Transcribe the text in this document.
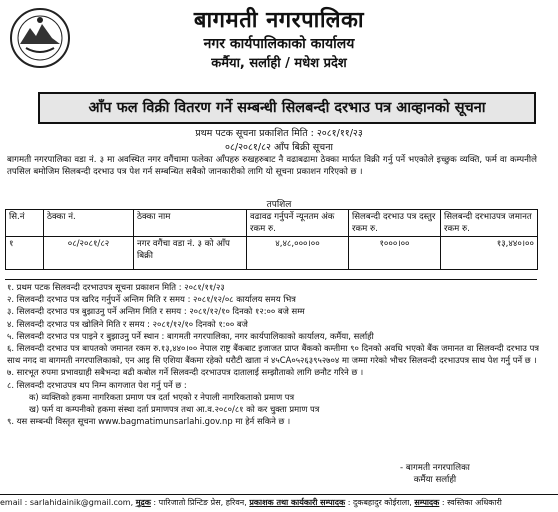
बागमती नगरपालिका
नगर कार्यपालिकाको कार्यालय
कर्मैया, सर्लाही / मधेश प्रदेश
आँप फल विक्री वितरण गर्ने सम्बन्धी सिलबन्दी दरभाउ पत्र आव्हानको सूचना
प्रथम पटक सूचना प्रकाशित मिति : २०८१/११/२३
०८/२०८१/८२ आँप बिक्री सूचना
बागमती नगरपालिका वडा नं. ३ मा अवस्थित नगर वगैंचामा फलेका आँपहरु रुखहरुबाट नै वढाबढामा ठेक्का मार्फत विक्री गर्नु पर्ने भएकोले इच्छुक व्यक्ति, फर्म वा कम्पनीले तपसिल बमोजिम सिलबन्दी दरभाउ पत्र पेश गर्न सम्बन्धित सबैको जानकारीको लागि यो सूचना प्रकाशन गरिएको छ ।
तपशिल
सि.नं	ठेक्का नं.	ठेक्का नाम	वढावढ गर्नुपर्ने न्यूनतम अंक रकम रु.	सिलबन्दी दरभाउ पत्र दस्तुर रकम रु.	सिलबन्दी दरभाउपत्र जमानत रकम रु.
१	०८/२०८१/८२	नगर वगैंचा वडा नं. ३ को आँप बिक्री	४,४८,०००।००	१०००।००	१३,४४०।००
१. प्रथम पटक सिलवन्दी दरभाउपत्र सूचना प्रकाशन मिति : २०८१/११/२३
२. सिलवन्दी दरभाउ पत्र खरिद गर्नुपर्ने अन्तिम मिति र समय : २०८१/१२/०८ कार्यालय समय भित्र
३. सिलवन्दी दरभाउ पत्र बुझाउनु पर्ने अन्तिम मिति र समय : २०८१/१२/१० दिनको १२:०० बजे सम्म
४. सिलवन्दी दरभाउ पत्र खोलिने मिति र समय : २०८१/१२/१० दिनको १:०० बजे
५. सिलवन्दी दरभाउ पत्र पाइने र बुझाउनु पर्ने स्थान : बागमती नगरपालिका, नगर कार्यपालिकाको कार्यालय, कर्मैया, सर्लाही
६. सिलवन्दी दरभाउ पत्र बापतको जमानत रकम रु.१३,४४०।०० नेपाल राष्ट्र बैंकबाट इजाजत प्राप्त बैंकको कम्तीमा ९० दिनको अवधि भएको बैंक जमानत वा सिलवन्दी दरभाउ पत्र साथ नगद वा बागमती नगरपालिकाको, एन आइ सि एशिया बैंकमा रहेको धरौटी खाता नं ४५CA०५२६३९५२७०४ मा जम्मा गरेको भौचर सिलवन्दी दरभाउपत्र साथ पेश गर्नु पर्ने छ ।
७. सारभूत रुपमा प्रभावग्राही सबैभन्दा बढी कबोल गर्ने सिलवन्दी दरभाउपत्र दातालाई सम्झौताको लागि छनौट गरिने छ ।
८. सिलवन्दी दरभाउपत्र थप निम्न कागजात पेश गर्नु पर्ने छ :
क) व्यक्तिको हकमा नागरिकता प्रमाण पत्र दर्ता भएको र नेपाली नागरिकताको प्रमाण पत्र
ख) फर्म वा कम्पनीको हकमा संस्था दर्ता प्रमाणपत्र तथा आ.व.२०८०/८१ को कर चुक्ता प्रमाण पत्र
९. यस सम्बन्धी विस्तृत सूचना www.bagmatimunsarlahi.gov.np मा हेर्न सकिने छ ।
- बागमती नगरपालिका
कर्मैया सर्लाही
email : sarlahidainik@gmail.com, मुद्रक : पारिजातो प्रिन्टिङ प्रेस, हरिवन, प्रकाशक तथा कार्यकारी सम्पादक : दुकबहादुर कोईराला, सम्पादक : स्वस्तिका अधिकारी
